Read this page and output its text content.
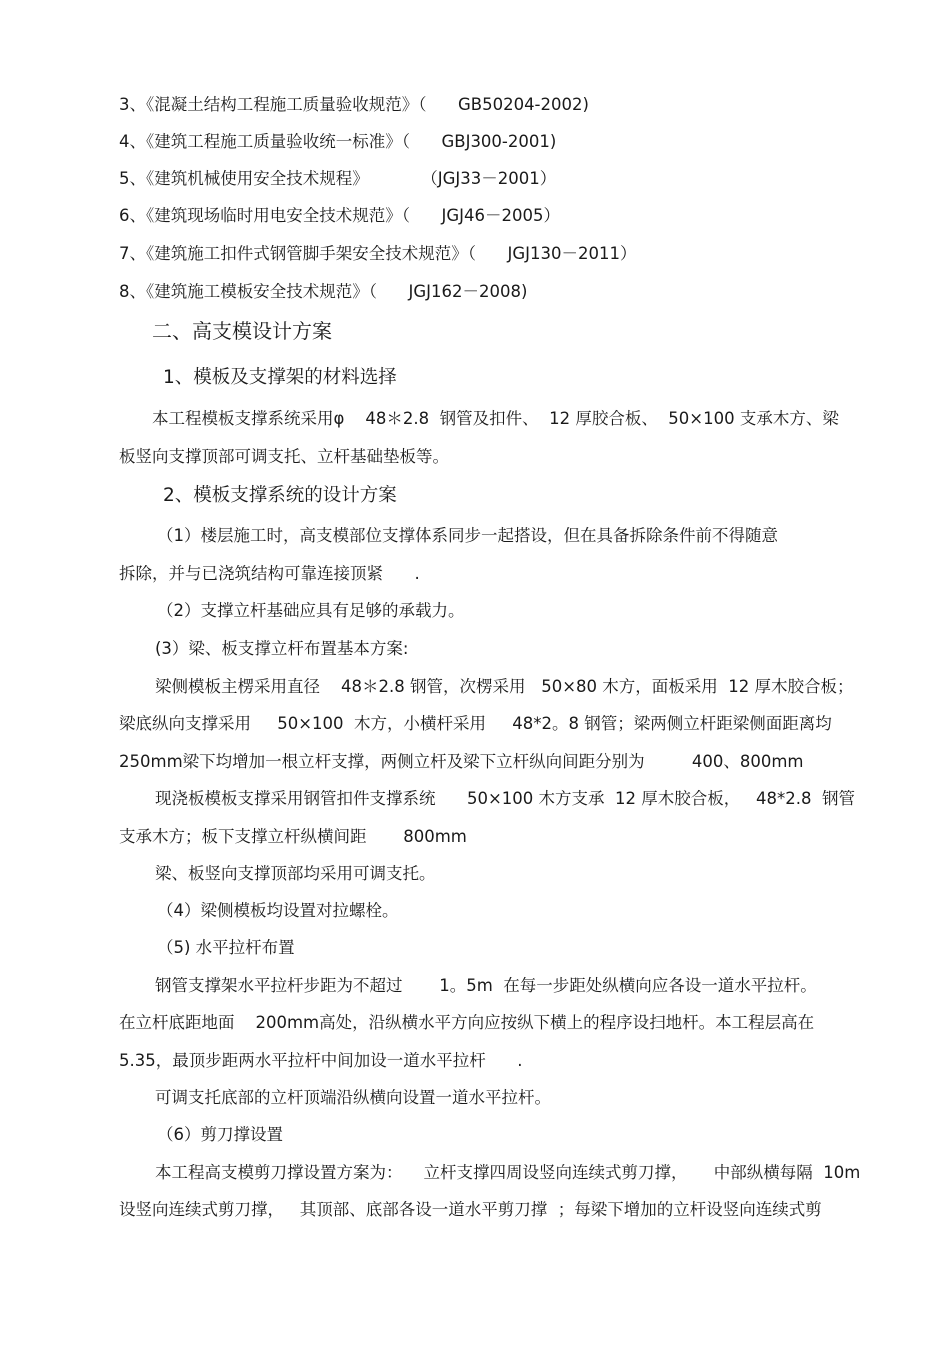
3、《混凝土结构工程施工质量验收规范》（      GB50204-2002)

4、《建筑工程施工质量验收统一标准》（      GBJ300-2001)

5、《建筑机械使用安全技术规程》          （JGJ33－2001）

6、《建筑现场临时用电安全技术规范》（      JGJ46－2005）

7、《建筑施工扣件式钢管脚手架安全技术规范》（      JGJ130－2011）

8、《建筑施工模板安全技术规范》（      JGJ162－2008)

二、高支模设计方案

1、模板及支撑架的材料选择

本工程模板支撑系统采用φ    48＊2.8  钢管及扣件、  12 厚胶合板、  50×100 支承木方、梁

板竖向支撑顶部可调支托、立杆基础垫板等。

2、模板支撑系统的设计方案

（1）楼层施工时，高支模部位支撑体系同步一起搭设，但在具备拆除条件前不得随意

拆除，并与已浇筑结构可靠连接顶紧      .

（2）支撑立杆基础应具有足够的承载力。

(3）梁、板支撑立杆布置基本方案:

梁侧模板主楞采用直径    48＊2.8 钢管，次楞采用   50×80 木方，面板采用  12 厚木胶合板；

梁底纵向支撑采用     50×100  木方，小横杆采用     48*2。8 钢管；梁两侧立杆距梁侧面距离均

250mm梁下均增加一根立杆支撑，两侧立杆及梁下立杆纵向间距分别为         400、800mm

现浇板模板支撑采用钢管扣件支撑系统      50×100 木方支承  12 厚木胶合板，   48*2.8  钢管

支承木方；板下支撑立杆纵横间距       800mm

梁、板竖向支撑顶部均采用可调支托。

（4）梁侧模板均设置对拉螺栓。

（5) 水平拉杆布置

钢管支撑架水平拉杆步距为不超过       1。5m  在每一步距处纵横向应各设一道水平拉杆。

在立杆底距地面    200mm高处，沿纵横水平方向应按纵下横上的程序设扫地杆。本工程层高在

5.35，最顶步距两水平拉杆中间加设一道水平拉杆      .

可调支托底部的立杆顶端沿纵横向设置一道水平拉杆。

（6）剪刀撑设置

本工程高支模剪刀撑设置方案为：    立杆支撑四周设竖向连续式剪刀撑，     中部纵横每隔  10m

设竖向连续式剪刀撑，   其顶部、底部各设一道水平剪刀撑  ；每梁下增加的立杆设竖向连续式剪
